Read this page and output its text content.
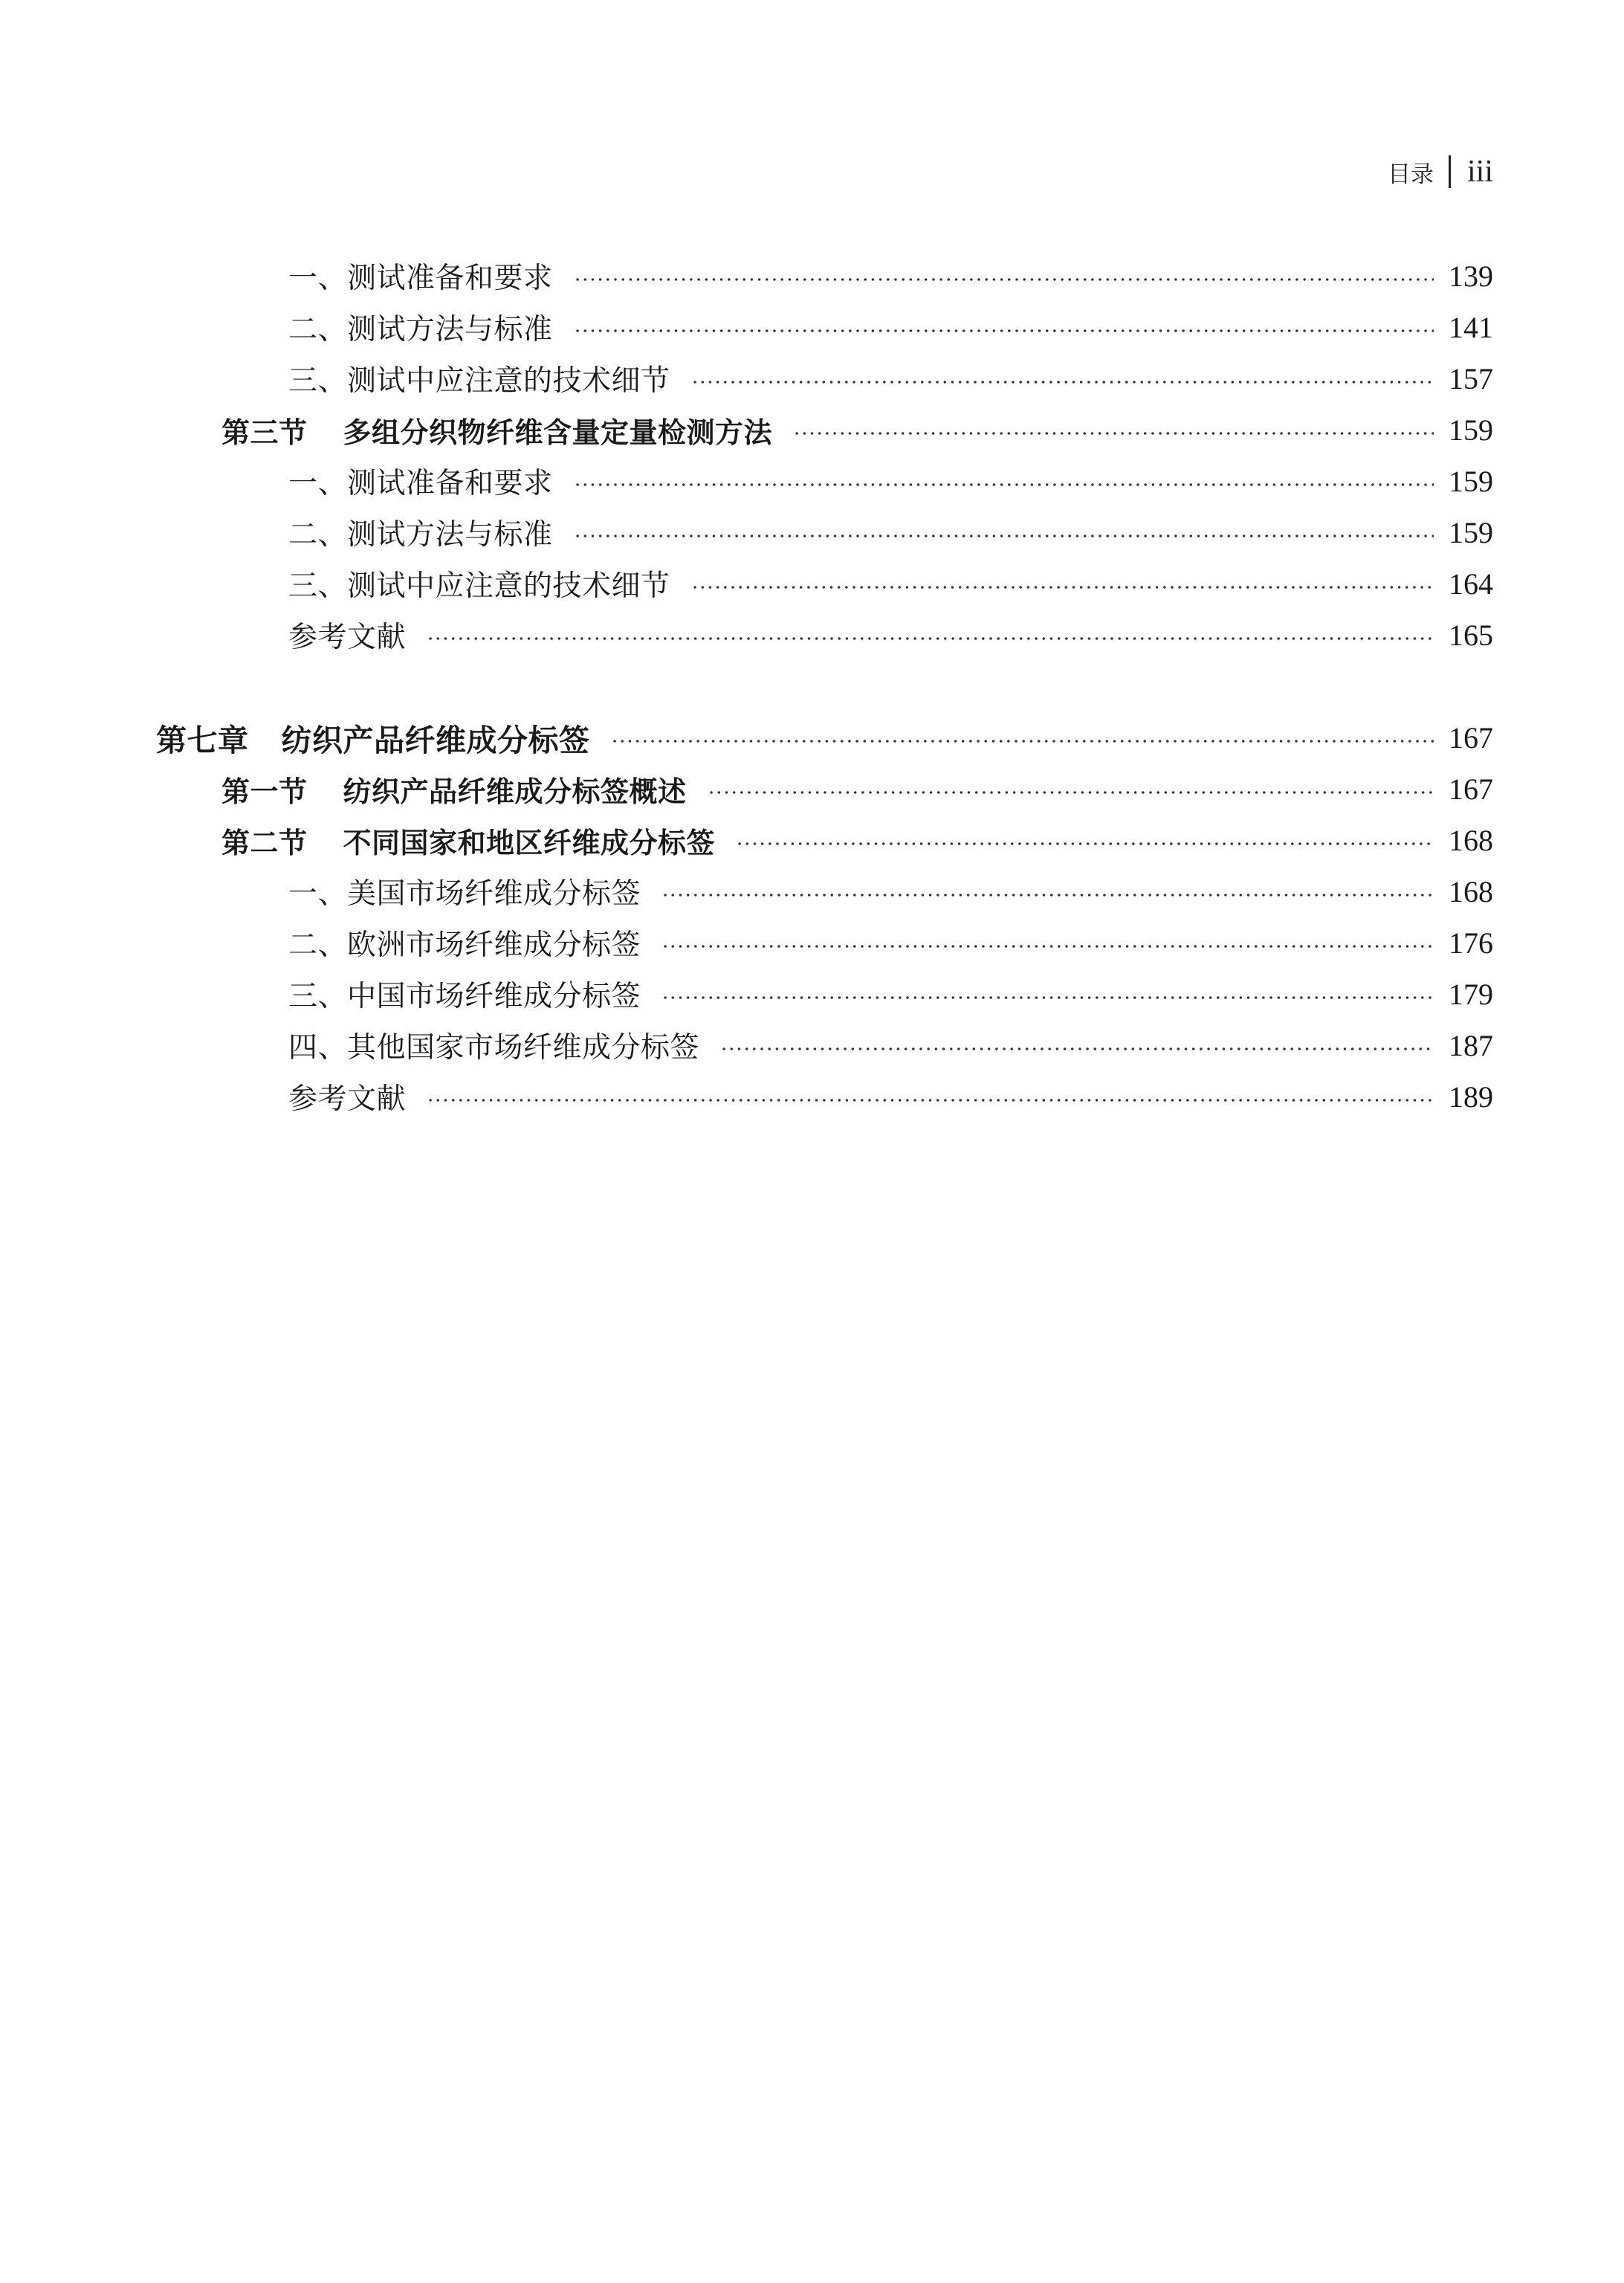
目录 iii
一、测试准备和要求	139
二、测试方法与标准	141
三、测试中应注意的技术细节	157
第三节 多组分织物纤维含量定量检测方法	159
一、测试准备和要求	159
二、测试方法与标准	159
三、测试中应注意的技术细节	164
参考文献	165
第七章 纺织产品纤维成分标签	167
第一节 纺织产品纤维成分标签概述	167
第二节 不同国家和地区纤维成分标签	168
一、美国市场纤维成分标签	168
二、欧洲市场纤维成分标签	176
三、中国市场纤维成分标签	179
四、其他国家市场纤维成分标签	187
参考文献	189
